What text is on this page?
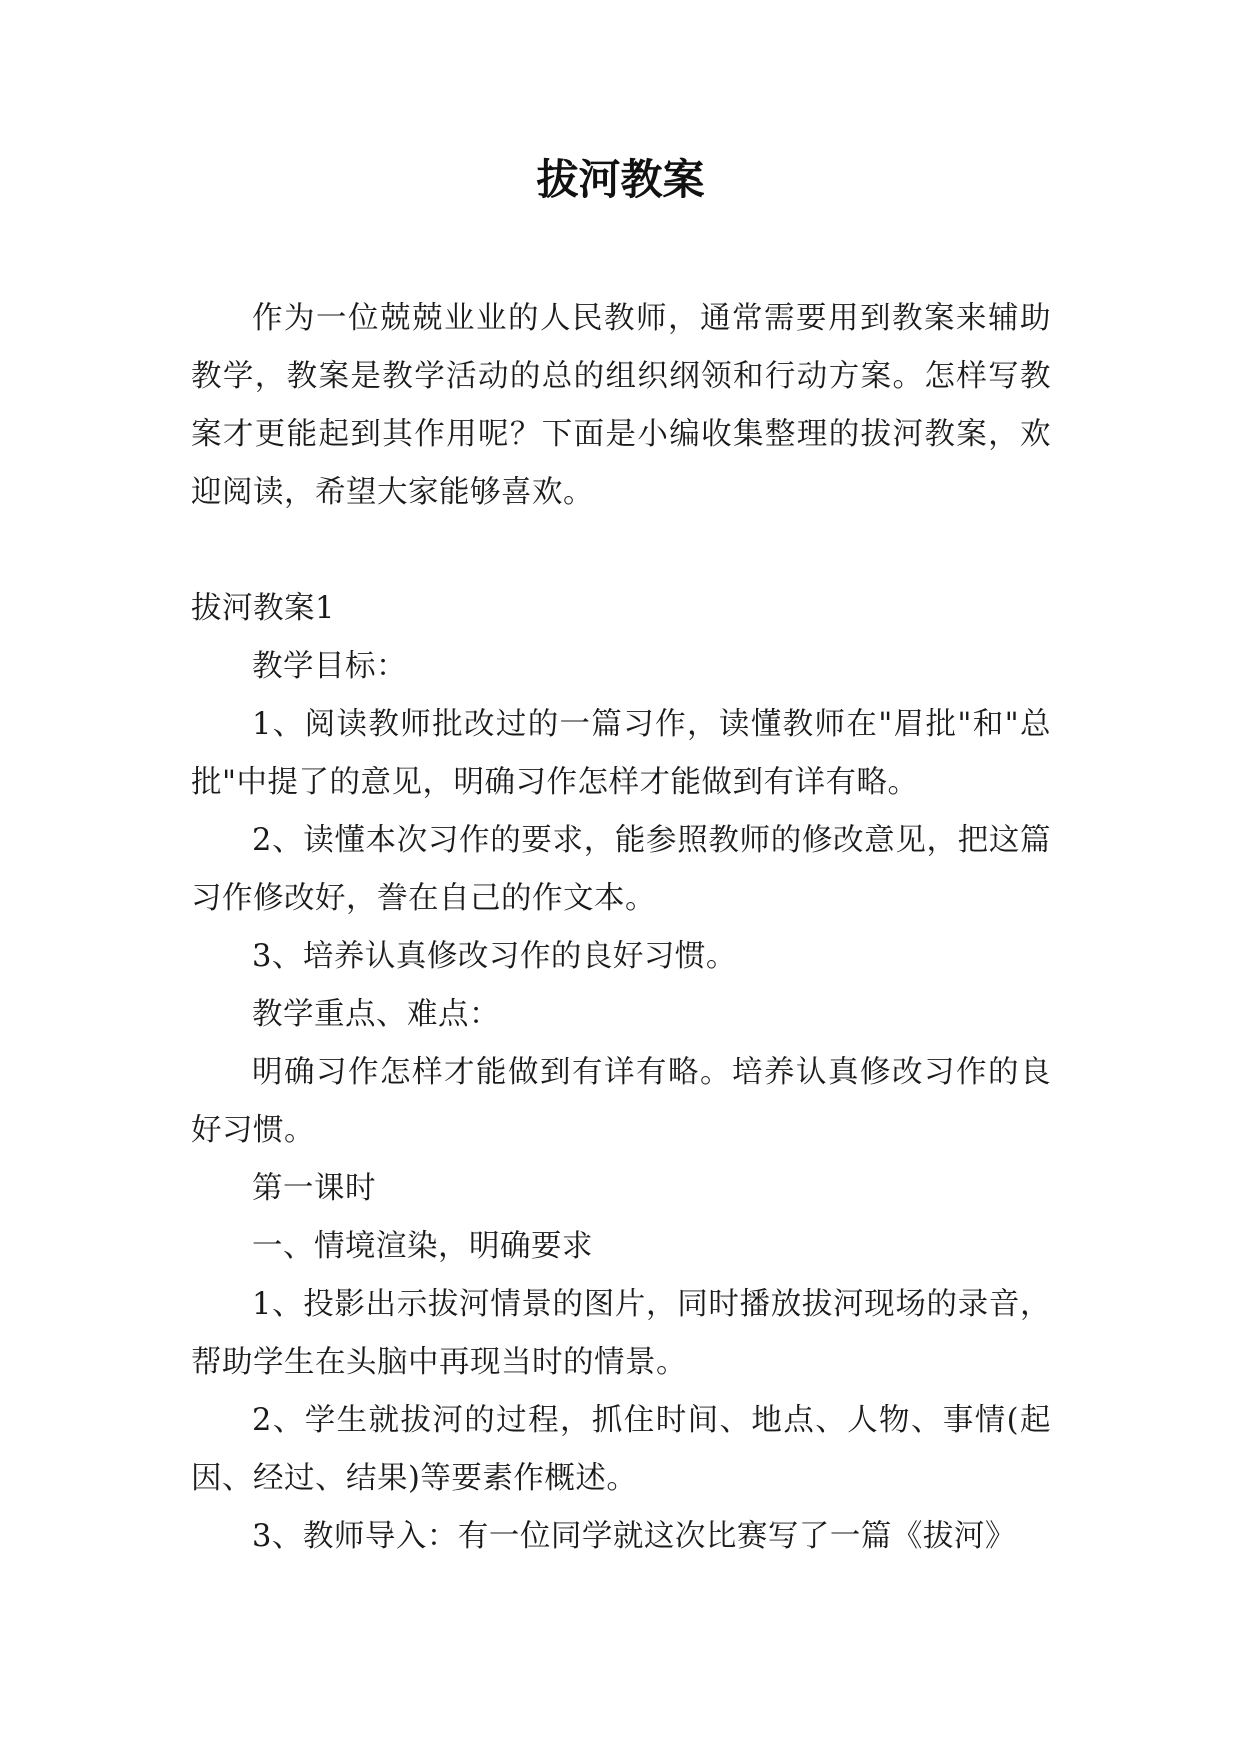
拔河教案

作为一位兢兢业业的人民教师，通常需要用到教案来辅助教学，教案是教学活动的总的组织纲领和行动方案。怎样写教案才更能起到其作用呢？下面是小编收集整理的拔河教案，欢迎阅读，希望大家能够喜欢。

拔河教案1

教学目标：

1、阅读教师批改过的一篇习作，读懂教师在"眉批"和"总批"中提了的意见，明确习作怎样才能做到有详有略。

2、读懂本次习作的要求，能参照教师的修改意见，把这篇习作修改好，誊在自己的作文本。

3、培养认真修改习作的良好习惯。

教学重点、难点：

明确习作怎样才能做到有详有略。培养认真修改习作的良好习惯。

第一课时

一、情境渲染，明确要求

1、投影出示拔河情景的图片，同时播放拔河现场的录音，帮助学生在头脑中再现当时的情景。

2、学生就拔河的过程，抓住时间、地点、人物、事情(起因、经过、结果)等要素作概述。

3、教师导入：有一位同学就这次比赛写了一篇《拔河》
